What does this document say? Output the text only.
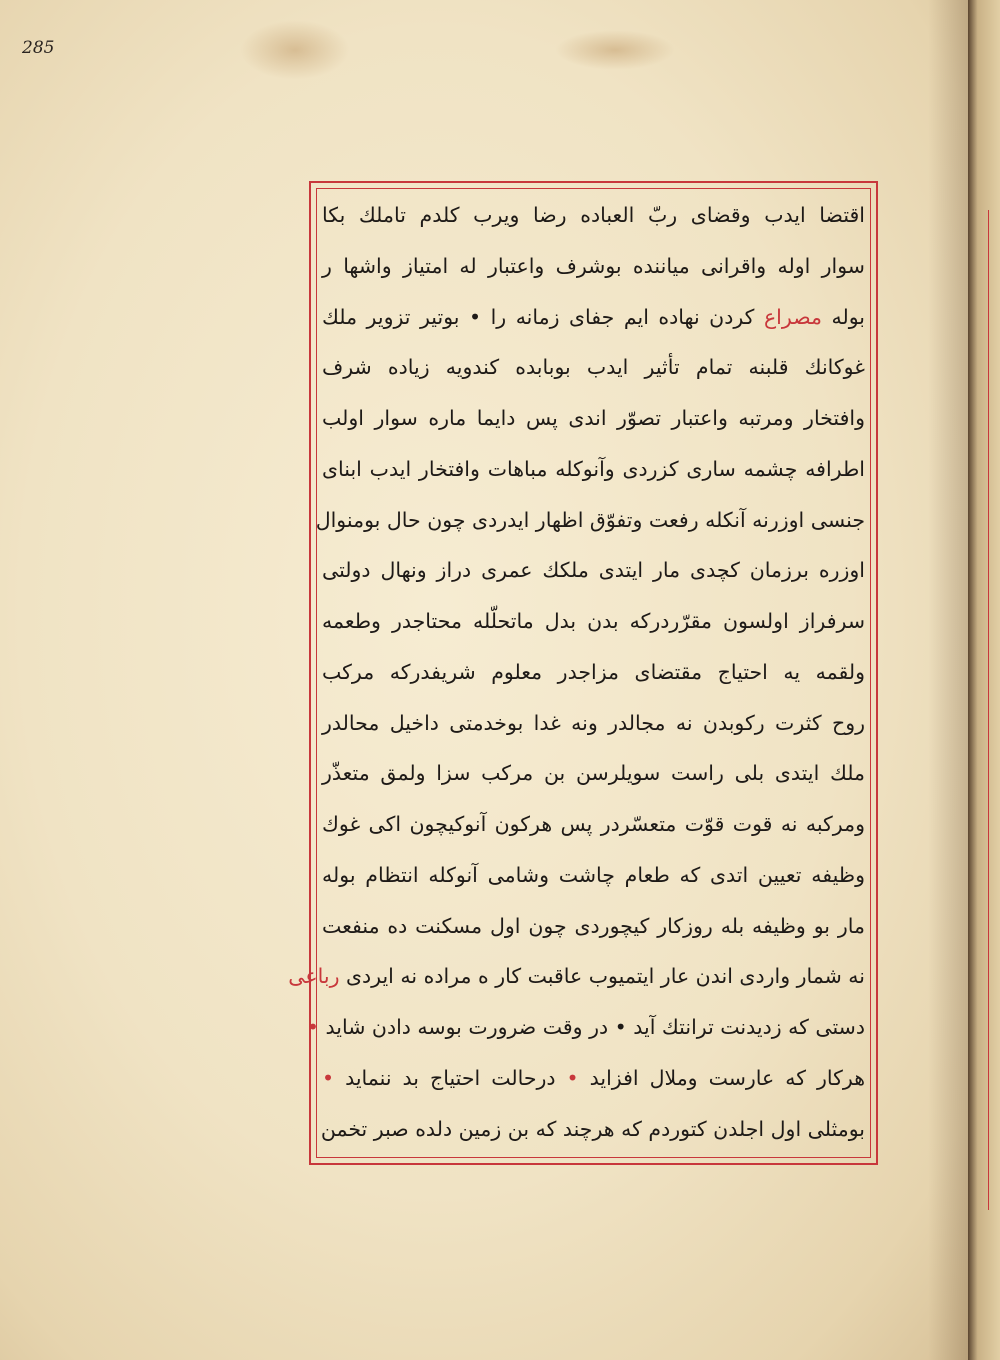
285
اقتضا ایدب وقضای ربّ العباده رضا ویرب کلدم تاملك بکا
سوار اوله واقرانی میاننده بوشرف واعتبار له امتیاز واشها ر
بوله مصراع کردن نهاده ایم جفای زمانه را • بوتیر تزویر ملك
غوکانك قلبنه تمام تأثیر ایدب بوبابده کندویه زیاده شرف
وافتخار ومرتبه واعتبار تصوّر اندی پس دایما ماره سوار اولب
اطرافه چشمه ساری کزردی وآنوکله مباهات وافتخار ایدب ابنای
جنسی اوزرنه آنکله رفعت وتفوّق اظهار ایدردی چون حال بومنوال
اوزره برزمان کچدی مار ایتدی ملکك عمری دراز ونهال دولتی
سرفراز اولسون مقرّردرکه بدن بدل ماتحلّله محتاجدر وطعمه
ولقمه یه احتیاج مقتضای مزاجدر معلوم شریفدرکه مرکب
روح کثرت رکوبدن نه مجالدر ونه غدا بوخدمتی داخیل محالدر
ملك ایتدی بلی راست سویلرسن بن مرکب سزا ولمق متعذّر
ومرکبه نه قوت قوّت متعسّردر پس هرکون آنوکیچون اکی غوك
وظیفه تعیین اتدی که طعام چاشت وشامی آنوکله انتظام بوله
مار بو وظیفه بله روزکار کیچوردی چون اول مسکنت ده منفعت
نه شمار واردی اندن عار ایتمیوب عاقبت کار ه مراده نه ایردی رباعی
دستی که زدیدنت ترانتك آید • در وقت ضرورت بوسه دادن شاید •
هرکار که عارست وملال افزاید • درحالت احتیاج بد ننماید •
بومثلی اول اجلدن کتوردم که هرچند که بن زمین دلده صبر تخمن
